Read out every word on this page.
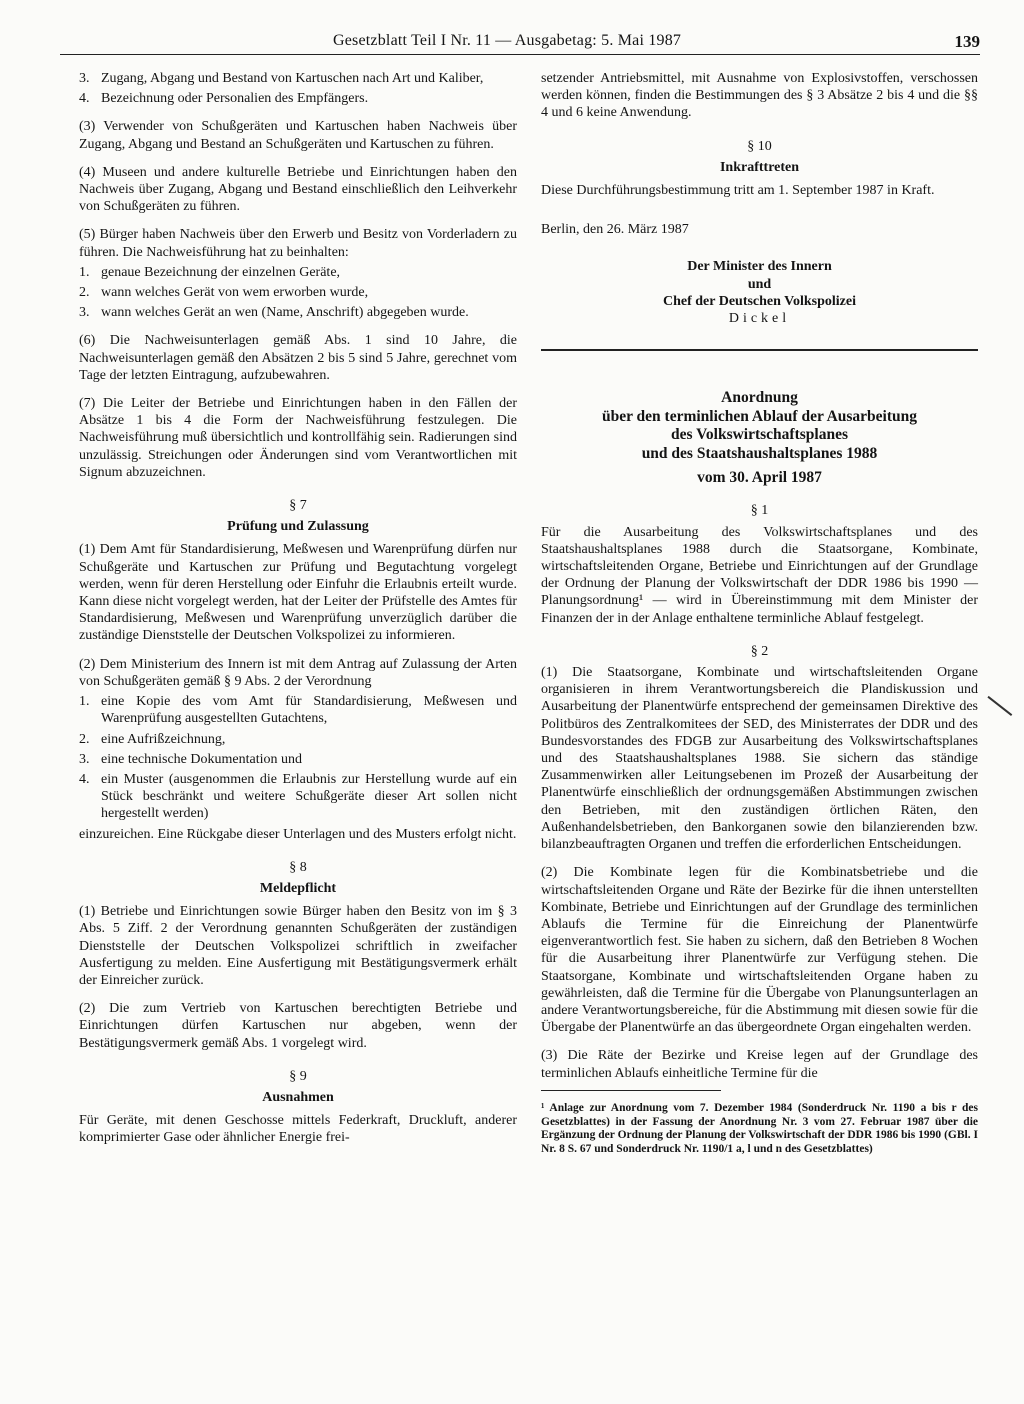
Gesetzblatt Teil I Nr. 11 — Ausgabetag: 5. Mai 1987	139
3. Zugang, Abgang und Bestand von Kartuschen nach Art und Kaliber,
4. Bezeichnung oder Personalien des Empfängers.

(3) Verwender von Schußgeräten und Kartuschen haben Nachweis über Zugang, Abgang und Bestand an Schußgeräten und Kartuschen zu führen.

(4) Museen und andere kulturelle Betriebe und Einrichtungen haben den Nachweis über Zugang, Abgang und Bestand einschließlich den Leihverkehr von Schußgeräten zu führen.

(5) Bürger haben Nachweis über den Erwerb und Besitz von Vorderladern zu führen. Die Nachweisführung hat zu beinhalten:

1. genaue Bezeichnung der einzelnen Geräte,
2. wann welches Gerät von wem erworben wurde,
3. wann welches Gerät an wen (Name, Anschrift) abgegeben wurde.

(6) Die Nachweisunterlagen gemäß Abs. 1 sind 10 Jahre, die Nachweisunterlagen gemäß den Absätzen 2 bis 5 sind 5 Jahre, gerechnet vom Tage der letzten Eintragung, aufzubewahren.

(7) Die Leiter der Betriebe und Einrichtungen haben in den Fällen der Absätze 1 bis 4 die Form der Nachweisführung festzulegen. Die Nachweisführung muß übersichtlich und kontrollfähig sein. Radierungen sind unzulässig. Streichungen oder Änderungen sind vom Verantwortlichen mit Signum abzuzeichnen.

§ 7
Prüfung und Zulassung

(1) Dem Amt für Standardisierung, Meßwesen und Warenprüfung dürfen nur Schußgeräte und Kartuschen zur Prüfung und Begutachtung vorgelegt werden, wenn für deren Herstellung oder Einfuhr die Erlaubnis erteilt wurde. Kann diese nicht vorgelegt werden, hat der Leiter der Prüfstelle des Amtes für Standardisierung, Meßwesen und Warenprüfung unverzüglich darüber die zuständige Dienststelle der Deutschen Volkspolizei zu informieren.

(2) Dem Ministerium des Innern ist mit dem Antrag auf Zulassung der Arten von Schußgeräten gemäß § 9 Abs. 2 der Verordnung

1. eine Kopie des vom Amt für Standardisierung, Meßwesen und Warenprüfung ausgestellten Gutachtens,
2. eine Aufrißzeichnung,
3. eine technische Dokumentation und
4. ein Muster (ausgenommen die Erlaubnis zur Herstellung wurde auf ein Stück beschränkt und weitere Schußgeräte dieser Art sollen nicht hergestellt werden)

einzureichen. Eine Rückgabe dieser Unterlagen und des Musters erfolgt nicht.

§ 8
Meldepflicht

(1) Betriebe und Einrichtungen sowie Bürger haben den Besitz von im § 3 Abs. 5 Ziff. 2 der Verordnung genannten Schußgeräten der zuständigen Dienststelle der Deutschen Volkspolizei schriftlich in zweifacher Ausfertigung zu melden. Eine Ausfertigung mit Bestätigungsvermerk erhält der Einreicher zurück.

(2) Die zum Vertrieb von Kartuschen berechtigten Betriebe und Einrichtungen dürfen Kartuschen nur abgeben, wenn der Bestätigungsvermerk gemäß Abs. 1 vorgelegt wird.

§ 9
Ausnahmen

Für Geräte, mit denen Geschosse mittels Federkraft, Druckluft, anderer komprimierter Gase oder ähnlicher Energie frei-

setzender Antriebsmittel, mit Ausnahme von Explosivstoffen, verschossen werden können, finden die Bestimmungen des § 3 Absätze 2 bis 4 und die §§ 4 und 6 keine Anwendung.

§ 10
Inkrafttreten

Diese Durchführungsbestimmung tritt am 1. September 1987 in Kraft.

Berlin, den 26. März 1987

Der Minister des Innern

und

Chef der Deutschen Volkspolizei

Dickel

Anordnung

über den terminlichen Ablauf der Ausarbeitung

des Volkswirtschaftsplanes

und des Staatshaushaltsplanes 1988

vom 30. April 1987

§ 1

Für die Ausarbeitung des Volkswirtschaftsplanes und des Staatshaushaltsplanes 1988 durch die Staatsorgane, Kombinate, wirtschaftsleitenden Organe, Betriebe und Einrichtungen auf der Grundlage der Ordnung der Planung der Volkswirtschaft der DDR 1986 bis 1990 — Planungsordnung¹ — wird in Übereinstimmung mit dem Minister der Finanzen der in der Anlage enthaltene terminliche Ablauf festgelegt.

§ 2

(1) Die Staatsorgane, Kombinate und wirtschaftsleitenden Organe organisieren in ihrem Verantwortungsbereich die Plandiskussion und Ausarbeitung der Planentwürfe entsprechend der gemeinsamen Direktive des Politbüros des Zentralkomitees der SED, des Ministerrates der DDR und des Bundesvorstandes des FDGB zur Ausarbeitung des Volkswirtschaftsplanes und des Staatshaushaltsplanes 1988. Sie sichern das ständige Zusammenwirken aller Leitungsebenen im Prozeß der Ausarbeitung der Planentwürfe einschließlich der ordnungsgemäßen Abstimmungen zwischen den Betrieben, mit den zuständigen örtlichen Räten, den Außenhandelsbetrieben, den Bankorganen sowie den bilanzierenden bzw. bilanzbeauftragten Organen und treffen die erforderlichen Entscheidungen.

(2) Die Kombinate legen für die Kombinatsbetriebe und die wirtschaftsleitenden Organe und Räte der Bezirke für die ihnen unterstellten Kombinate, Betriebe und Einrichtungen auf der Grundlage des terminlichen Ablaufs die Termine für die Einreichung der Planentwürfe eigenverantwortlich fest. Sie haben zu sichern, daß den Betrieben 8 Wochen für die Ausarbeitung ihrer Planentwürfe zur Verfügung stehen. Die Staatsorgane, Kombinate und wirtschaftsleitenden Organe haben zu gewährleisten, daß die Termine für die Übergabe von Planungsunterlagen an andere Verantwortungsbereiche, für die Abstimmung mit diesen sowie für die Übergabe der Planentwürfe an das übergeordnete Organ eingehalten werden.

(3) Die Räte der Bezirke und Kreise legen auf der Grundlage des terminlichen Ablaufs einheitliche Termine für die

¹ Anlage zur Anordnung vom 7. Dezember 1984 (Sonderdruck Nr. 1190 a bis r des Gesetzblattes) in der Fassung der Anordnung Nr. 3 vom 27. Februar 1987 über die Ergänzung der Ordnung der Planung der Volkswirtschaft der DDR 1986 bis 1990 (GBl. I Nr. 8 S. 67 und Sonderdruck Nr. 1190/1 a, l und n des Gesetzblattes)
